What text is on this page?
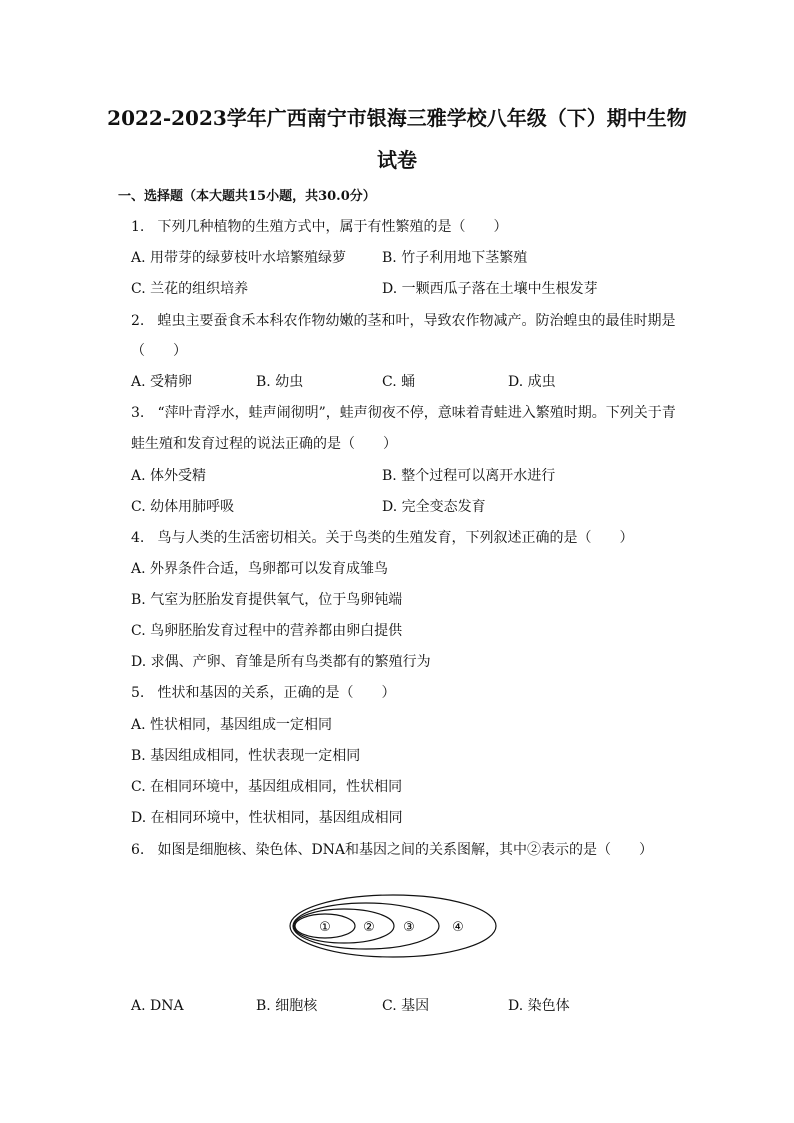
2022-2023学年广西南宁市银海三雅学校八年级（下）期中生物
试卷
一、选择题（本大题共15小题，共30.0分）
1. 下列几种植物的生殖方式中，属于有性繁殖的是（　　）
A. 用带芽的绿萝枝叶水培繁殖绿萝	B. 竹子利用地下茎繁殖
C. 兰花的组织培养	D. 一颗西瓜子落在土壤中生根发芽
2. 蝗虫主要蚕食禾本科农作物幼嫩的茎和叶，导致农作物减产。防治蝗虫的最佳时期是
（　　）
A. 受精卵	B. 幼虫	C. 蛹	D. 成虫
3. “萍叶青浮水，蛙声闹彻明”，蛙声彻夜不停，意味着青蛙进入繁殖时期。下列关于青
蛙生殖和发育过程的说法正确的是（　　）
A. 体外受精	B. 整个过程可以离开水进行
C. 幼体用肺呼吸	D. 完全变态发育
4. 鸟与人类的生活密切相关。关于鸟类的生殖发育，下列叙述正确的是（　　）
A. 外界条件合适，鸟卵都可以发育成雏鸟
B. 气室为胚胎发育提供氧气，位于鸟卵钝端
C. 鸟卵胚胎发育过程中的营养都由卵白提供
D. 求偶、产卵、育雏是所有鸟类都有的繁殖行为
5. 性状和基因的关系，正确的是（　　）
A. 性状相同，基因组成一定相同
B. 基因组成相同，性状表现一定相同
C. 在相同环境中，基因组成相同，性状相同
D. 在相同环境中，性状相同，基因组成相同
6. 如图是细胞核、染色体、DNA和基因之间的关系图解，其中②表示的是（　　）
① ② ③	④
A. DNA	B. 细胞核	C. 基因	D. 染色体
